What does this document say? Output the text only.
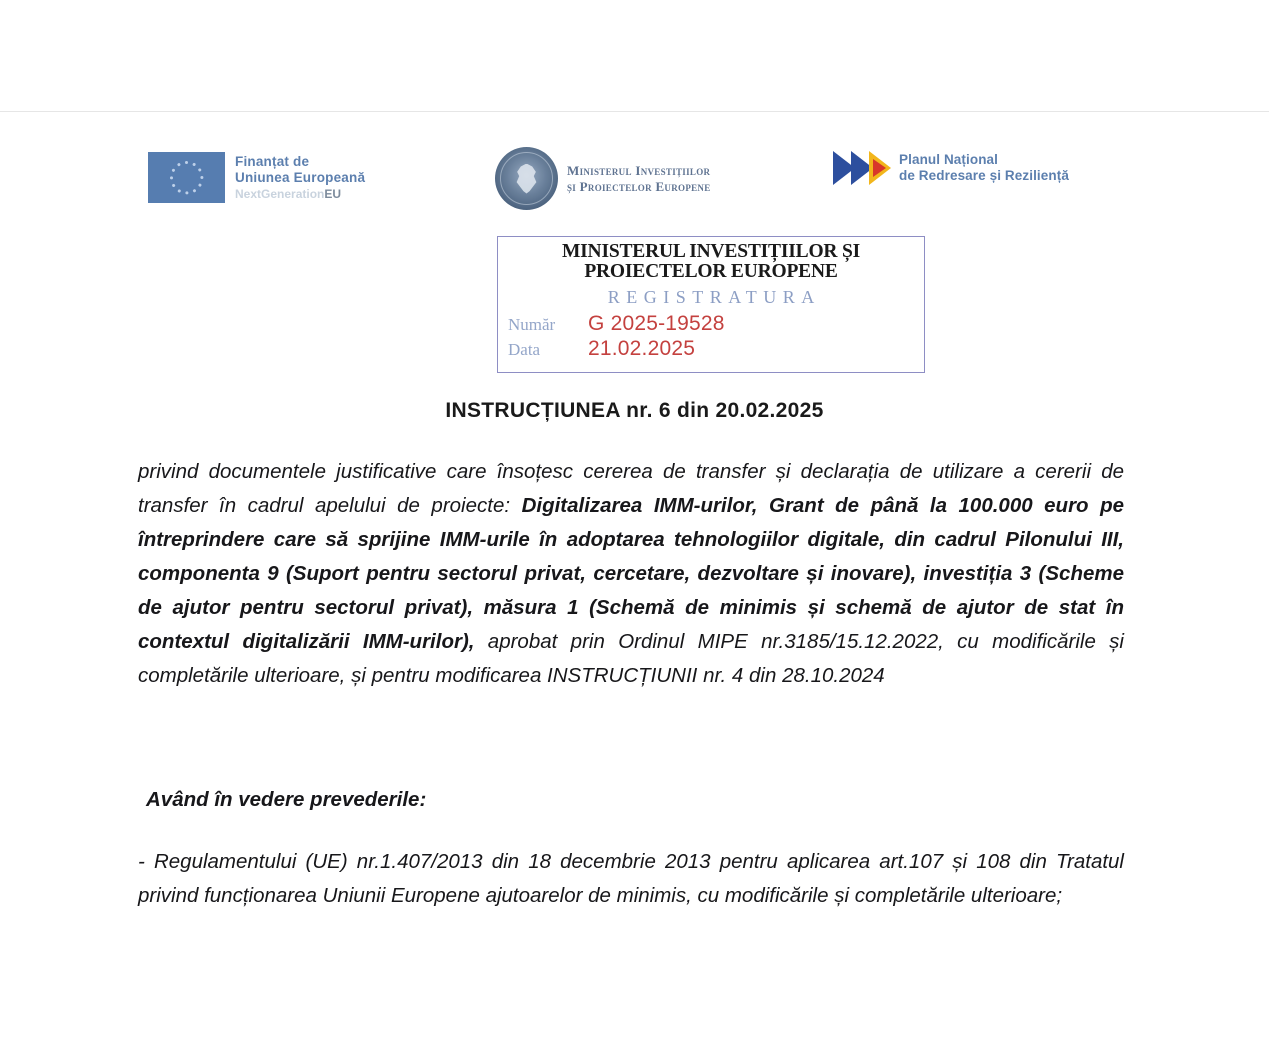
Finanțat de
Uniunea Europeană
NextGenerationEU
Ministerul Investițiilor
și Proiectelor Europene
Planul Național
de Redresare și Reziliență
MINISTERUL INVESTIȚIILOR ȘI PROIECTELOR EUROPENE
REGISTRATURA
Număr	G 2025-19528
Data	21.02.2025
INSTRUCȚIUNEA nr. 6 din 20.02.2025
privind documentele justificative care însoțesc cererea de transfer și declarația de utilizare a cererii de transfer în cadrul apelului de proiecte: Digitalizarea IMM-urilor, Grant de până la 100.000 euro pe întreprindere care să sprijine IMM-urile în adoptarea tehnologiilor digitale, din cadrul Pilonului III, componenta 9 (Suport pentru sectorul privat, cercetare, dezvoltare și inovare), investiția 3 (Scheme de ajutor pentru sectorul privat), măsura 1 (Schemă de minimis și schemă de ajutor de stat în contextul digitalizării IMM-urilor), aprobat prin Ordinul MIPE nr.3185/15.12.2022, cu modificările și completările ulterioare, și pentru modificarea INSTRUCȚIUNII nr. 4 din 28.10.2024
Având în vedere prevederile:
- Regulamentului (UE) nr.1.407/2013 din 18 decembrie 2013 pentru aplicarea art.107 și 108 din Tratatul privind funcționarea Uniunii Europene ajutoarelor de minimis, cu modificările și completările ulterioare;
